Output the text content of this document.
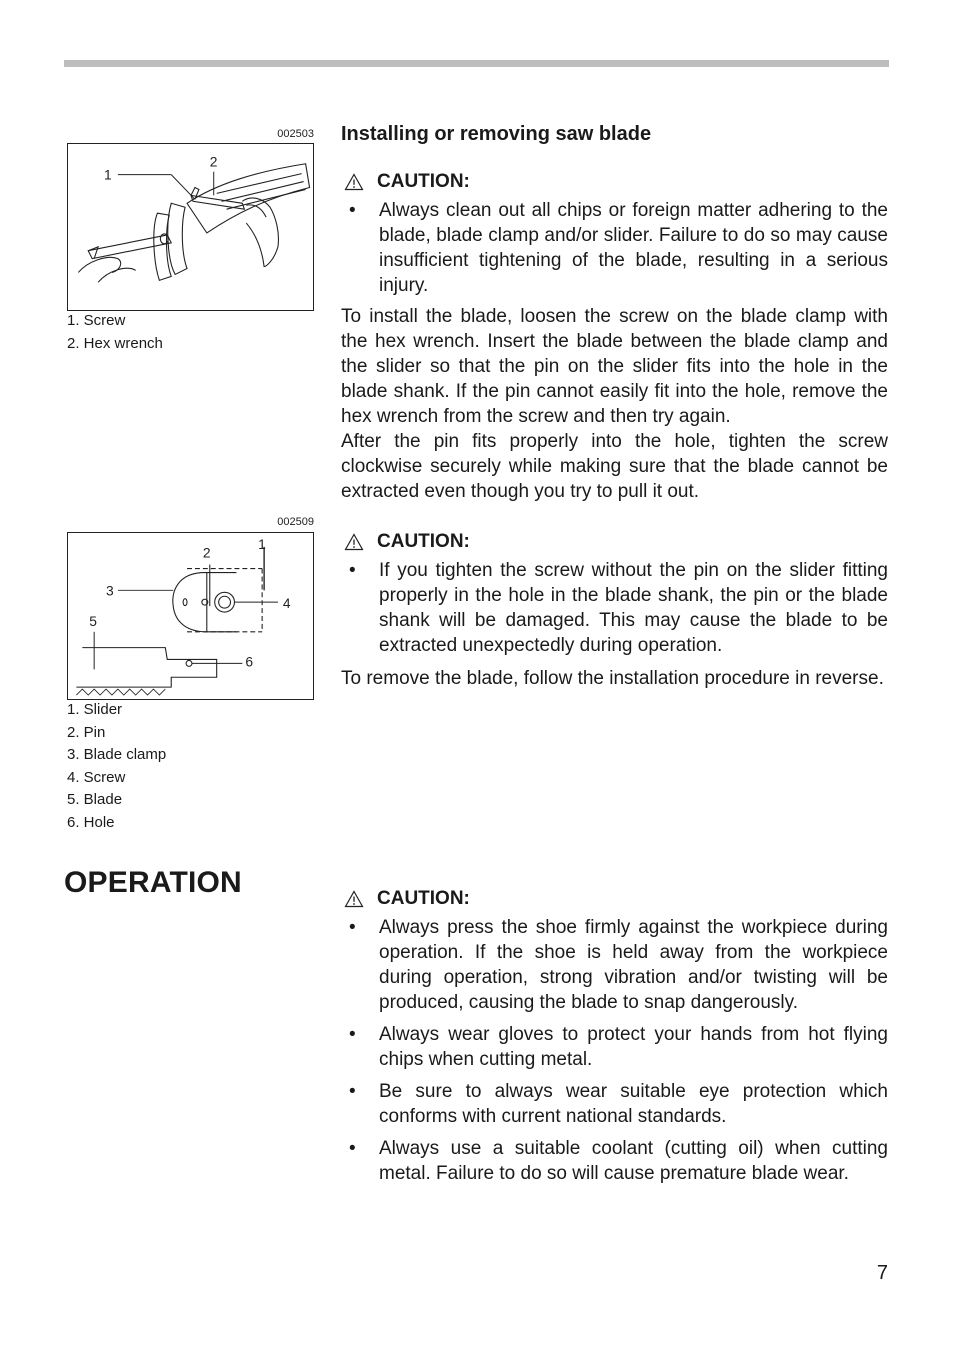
002503
1
2
1. Screw
2. Hex wrench
002509
1
2
3
4
5
6
1. Slider
2. Pin
3. Blade clamp
4. Screw
5. Blade
6. Hole
Installing or removing saw blade
CAUTION:
• Always clean out all chips or foreign matter adhering to the blade, blade clamp and/or slider. Failure to do so may cause insufficient tightening of the blade, resulting in a serious injury.

To install the blade, loosen the screw on the blade clamp with the hex wrench. Insert the blade between the blade clamp and the slider so that the pin on the slider fits into the hole in the blade shank. If the pin cannot easily fit into the hole, remove the hex wrench from the screw and then try again.

After the pin fits properly into the hole, tighten the screw clockwise securely while making sure that the blade cannot be extracted even though you try to pull it out.

CAUTION:
• If you tighten the screw without the pin on the slider fitting properly in the hole in the blade shank, the pin or the blade shank will be damaged. This may cause the blade to be extracted unexpectedly during operation.

To remove the blade, follow the installation procedure in reverse.

OPERATION	CAUTION:
• Always press the shoe firmly against the workpiece during operation. If the shoe is held away from the workpiece during operation, strong vibration and/or twisting will be produced, causing the blade to snap dangerously.
• Always wear gloves to protect your hands from hot flying chips when cutting metal.
• Be sure to always wear suitable eye protection which conforms with current national standards.
• Always use a suitable coolant (cutting oil) when cutting metal. Failure to do so will cause premature blade wear.
7
